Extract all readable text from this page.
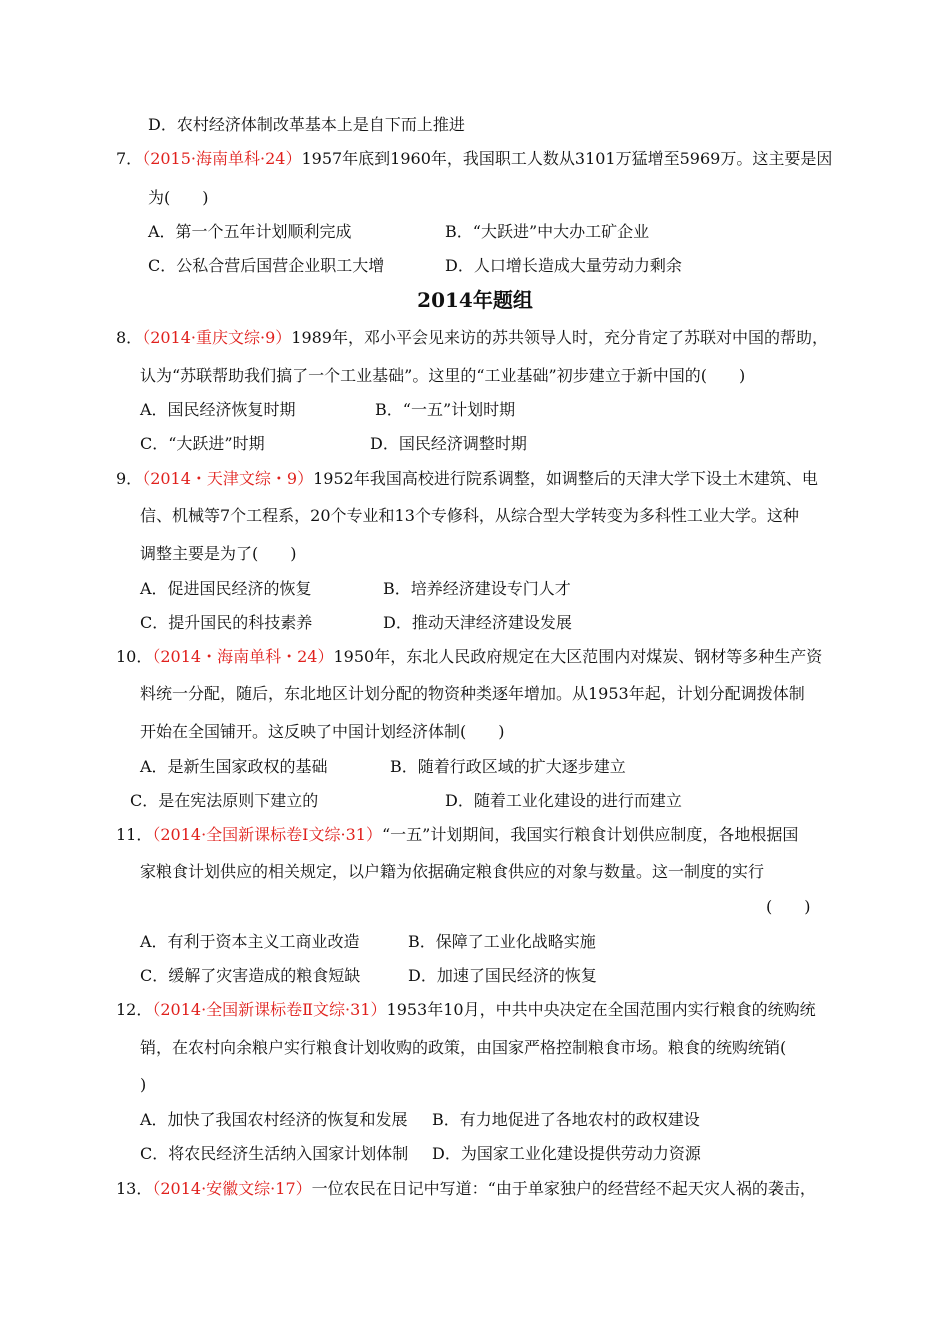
D．农村经济体制改革基本上是自下而上推进
7．（2015·海南单科·24）1957年底到1960年，我国职工人数从3101万猛增至5969万。这主要是因
为(　　)
A．第一个五年计划顺利完成	B．“大跃进”中大办工矿企业
C．公私合营后国营企业职工大增	D．人口增长造成大量劳动力剩余
2014年题组
8．（2014·重庆文综·9）1989年，邓小平会见来访的苏共领导人时，充分肯定了苏联对中国的帮助，
认为“苏联帮助我们搞了一个工业基础”。这里的“工业基础”初步建立于新中国的(　　)
A．国民经济恢复时期	B．“一五”计划时期
C．“大跃进”时期	D．国民经济调整时期
9．（2014・天津文综・9）1952年我国高校进行院系调整，如调整后的天津大学下设土木建筑、电
信、机械等7个工程系，20个专业和13个专修科，从综合型大学转变为多科性工业大学。这种
调整主要是为了(　　)
A．促进国民经济的恢复	B．培养经济建设专门人才
C．提升国民的科技素养	D．推动天津经济建设发展
10．（2014・海南单科・24）1950年，东北人民政府规定在大区范围内对煤炭、钢材等多种生产资
料统一分配，随后，东北地区计划分配的物资种类逐年增加。从1953年起，计划分配调拨体制
开始在全国铺开。这反映了中国计划经济体制(　　)
A．是新生国家政权的基础	B．随着行政区域的扩大逐步建立
C．是在宪法原则下建立的	D．随着工业化建设的进行而建立
11．（2014·全国新课标卷Ⅰ文综·31）“一五”计划期间，我国实行粮食计划供应制度，各地根据国
家粮食计划供应的相关规定，以户籍为依据确定粮食供应的对象与数量。这一制度的实行
(　　)
A．有利于资本主义工商业改造	B．保障了工业化战略实施
C．缓解了灾害造成的粮食短缺	D．加速了国民经济的恢复
12．（2014·全国新课标卷Ⅱ文综·31）1953年10月，中共中央决定在全国范围内实行粮食的统购统
销，在农村向余粮户实行粮食计划收购的政策，由国家严格控制粮食市场。粮食的统购统销(
)
A．加快了我国农村经济的恢复和发展 B．有力地促进了各地农村的政权建设
C．将农民经济生活纳入国家计划体制 D．为国家工业化建设提供劳动力资源
13．（2014·安徽文综·17）一位农民在日记中写道：“由于单家独户的经营经不起天灾人祸的袭击，
